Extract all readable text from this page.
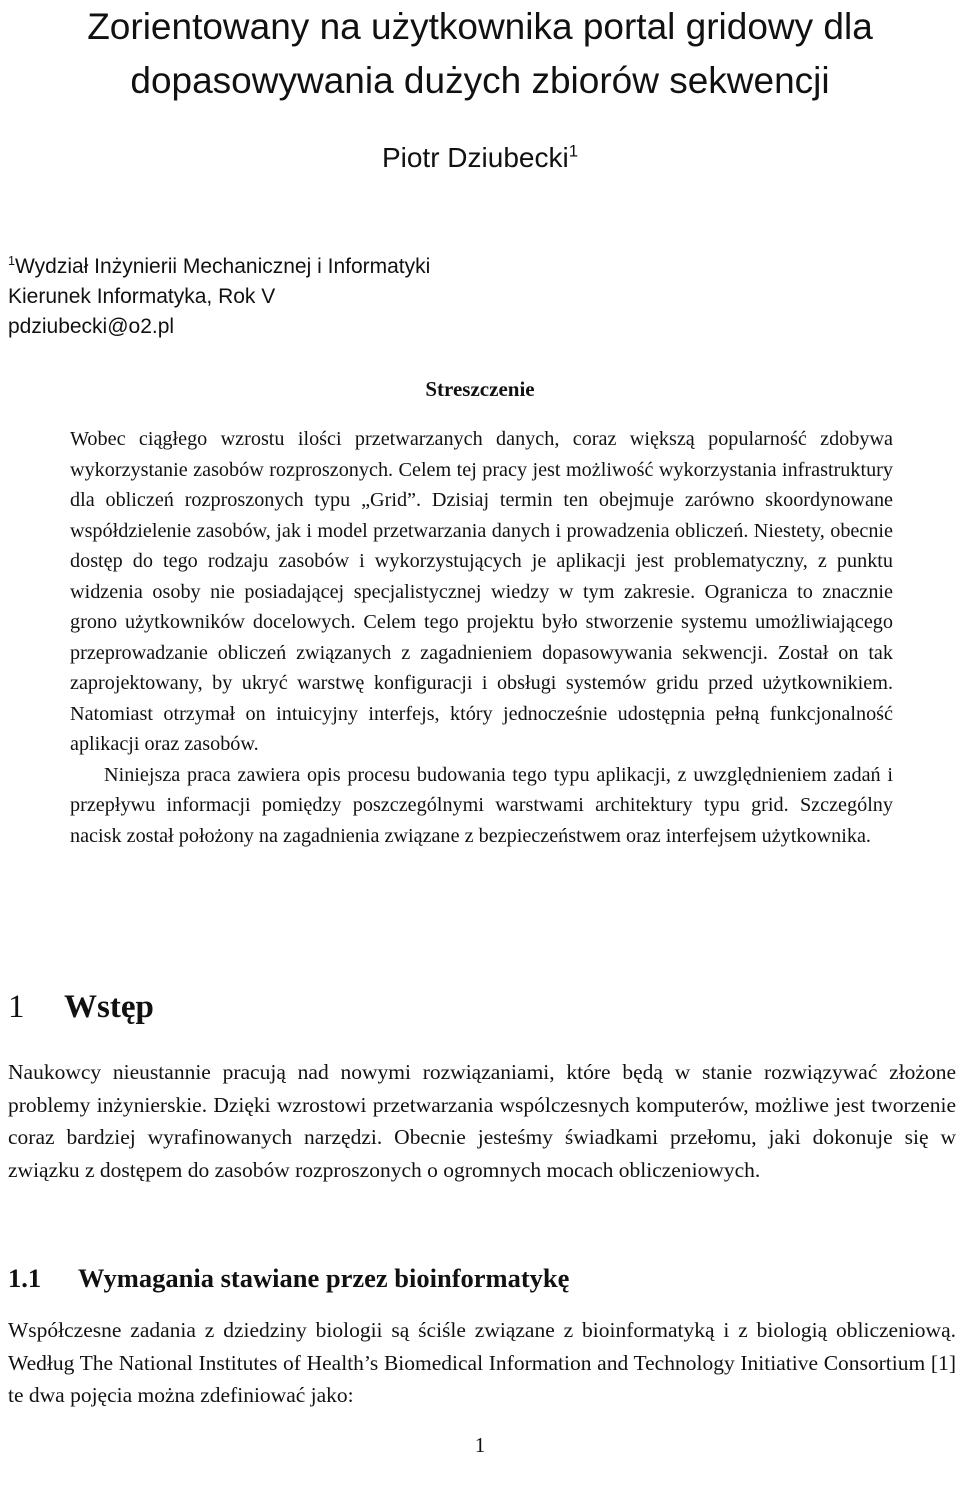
Zorientowany na użytkownika portal gridowy dla
dopasowywania dużych zbiorów sekwencji
Piotr Dziubecki$^1$
$^1$Wydział Inżynierii Mechanicznej i Informatyki
Kierunek Informatyka, Rok V
pdziubecki@o2.pl
Streszczenie

Wobec ciągłego wzrostu ilości przetwarzanych danych, coraz większą popularność zdobywa wykorzystanie zasobów rozproszonych. Celem tej pracy jest możliwość wykorzystania infrastruktury dla obliczeń rozproszonych typu „Grid”. Dzisiaj termin ten obejmuje zarówno skoordynowane współdzielenie zasobów, jak i model przetwarzania danych i prowadzenia obliczeń. Niestety, obecnie dostęp do tego rodzaju zasobów i wykorzystujących je aplikacji jest problematyczny, z punktu widzenia osoby nie posiadającej specjalistycznej wiedzy w tym zakresie. Ogranicza to znacznie grono użytkowników docelowych. Celem tego projektu było stworzenie systemu umożliwiającego przeprowadzanie obliczeń związanych z zagadnieniem dopasowywania sekwencji. Został on tak zaprojektowany, by ukryć warstwę konfiguracji i obsługi systemów gridu przed użytkownikiem. Natomiast otrzymał on intuicyjny interfejs, który jednocześnie udostępnia pełną funkcjonalność aplikacji oraz zasobów.

Niniejsza praca zawiera opis procesu budowania tego typu aplikacji, z uwzględnieniem zadań i przepływu informacji pomiędzy poszczególnymi warstwami architektury typu grid. Szczególny nacisk został położony na zagadnienia związane z bezpieczeństwem oraz interfejsem użytkownika.

1 Wstęp

Naukowcy nieustannie pracują nad nowymi rozwiązaniami, które będą w stanie rozwiązywać złożone problemy inżynierskie. Dzięki wzrostowi przetwarzania wspólczesnych komputerów, możliwe jest tworzenie coraz bardziej wyrafinowanych narzędzi. Obecnie jesteśmy świadkami przełomu, jaki dokonuje się w związku z dostępem do zasobów rozproszonych o ogromnych mocach obliczeniowych.

1.1 Wymagania stawiane przez bioinformatykę

Współczesne zadania z dziedziny biologii są ściśle związane z bioinformatyką i z biologią obliczeniową. Według The National Institutes of Health’s Biomedical Information and Technology Initiative Consortium [1] te dwa pojęcia można zdefiniować jako:

1
